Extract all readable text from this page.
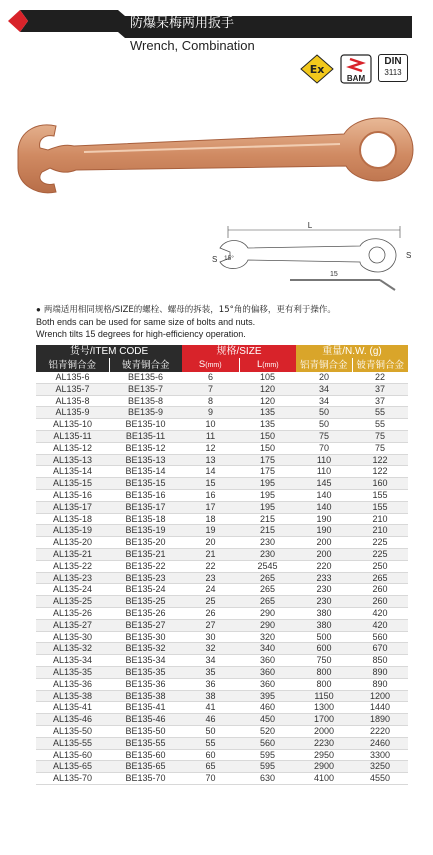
防爆呆梅两用扳手
Wrench, Combination
Ex
BAM
DIN
3113
L
S	S
15°
15
● 两端适用相同规格/SIZE的螺栓、螺母的拆装，15°角的偏移，更有利于操作。
Both ends can be used for same size of bolts and nuts.
Wrench tilts 15 degrees for high-efficiency operation.
货号/ITEM CODE		规格/SIZE		重量/N.W. (g)	
铝青铜合金	铍青铜合金	S(mm)	L(mm)	铝青铜合金	铍青铜合金
AL135-6	BE135-6	6	105	20	22
AL135-7	BE135-7	7	120	34	37
AL135-8	BE135-8	8	120	34	37
AL135-9	BE135-9	9	135	50	55
AL135-10	BE135-10	10	135	50	55
AL135-11	BE135-11	11	150	75	75
AL135-12	BE135-12	12	150	70	75
AL135-13	BE135-13	13	175	110	122
AL135-14	BE135-14	14	175	110	122
AL135-15	BE135-15	15	195	145	160
AL135-16	BE135-16	16	195	140	155
AL135-17	BE135-17	17	195	140	155
AL135-18	BE135-18	18	215	190	210
AL135-19	BE135-19	19	215	190	210
AL135-20	BE135-20	20	230	200	225
AL135-21	BE135-21	21	230	200	225
AL135-22	BE135-22	22	2545	220	250
AL135-23	BE135-23	23	265	233	265
AL135-24	BE135-24	24	265	230	260
AL135-25	BE135-25	25	265	230	260
AL135-26	BE135-26	26	290	380	420
AL135-27	BE135-27	27	290	380	420
AL135-30	BE135-30	30	320	500	560
AL135-32	BE135-32	32	340	600	670
AL135-34	BE135-34	34	360	750	850
AL135-35	BE135-35	35	360	800	890
AL135-36	BE135-36	36	360	800	890
AL135-38	BE135-38	38	395	1150	1200
AL135-41	BE135-41	41	460	1300	1440
AL135-46	BE135-46	46	450	1700	1890
AL135-50	BE135-50	50	520	2000	2220
AL135-55	BE135-55	55	560	2230	2460
AL135-60	BE135-60	60	595	2950	3300
AL135-65	BE135-65	65	595	2900	3250
AL135-70	BE135-70	70	630	4100	4550
